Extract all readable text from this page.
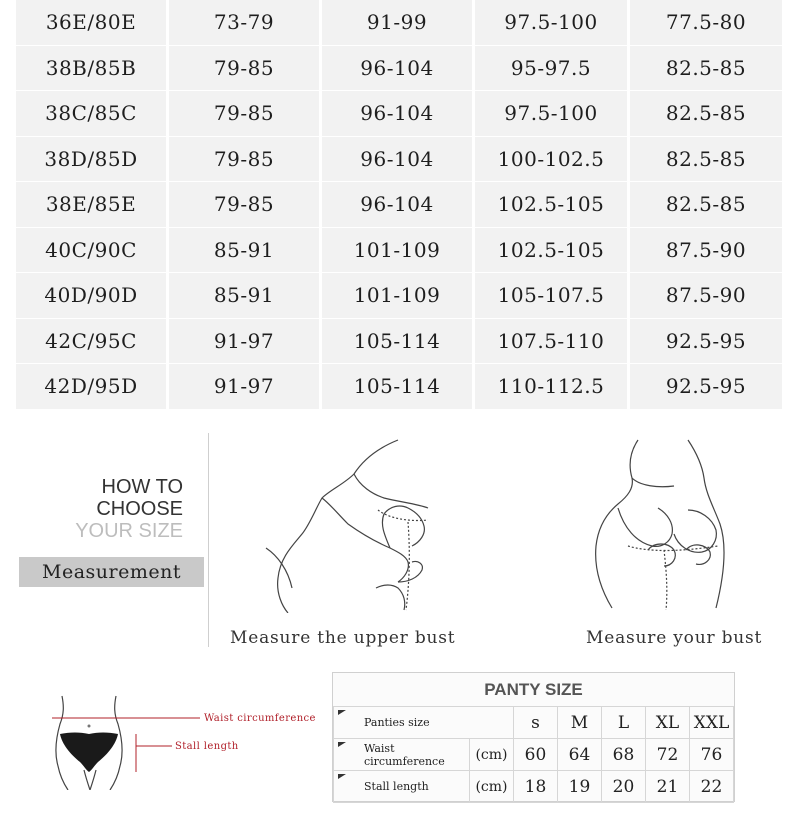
36E/80E	73-79	91-99	97.5-100	77.5-80
38B/85B	79-85	96-104	95-97.5	82.5-85
38C/85C	79-85	96-104	97.5-100	82.5-85
38D/85D	79-85	96-104	100-102.5	82.5-85
38E/85E	79-85	96-104	102.5-105	82.5-85
40C/90C	85-91	101-109	102.5-105	87.5-90
40D/90D	85-91	101-109	105-107.5	87.5-90
42C/95C	91-97	105-114	107.5-110	92.5-95
42D/95D	91-97	105-114	110-112.5	92.5-95
HOW TO
CHOOSE
YOUR SIZE
Measurement
Measure the upper bust	Measure your bust
Waist circumference
Stall length
PANTY SIZE
Panties size		s	M	L	XL	XXL

Waist circumference	(cm)	60	64	68	72	76

Stall length	(cm)	18	19	20	21	22
